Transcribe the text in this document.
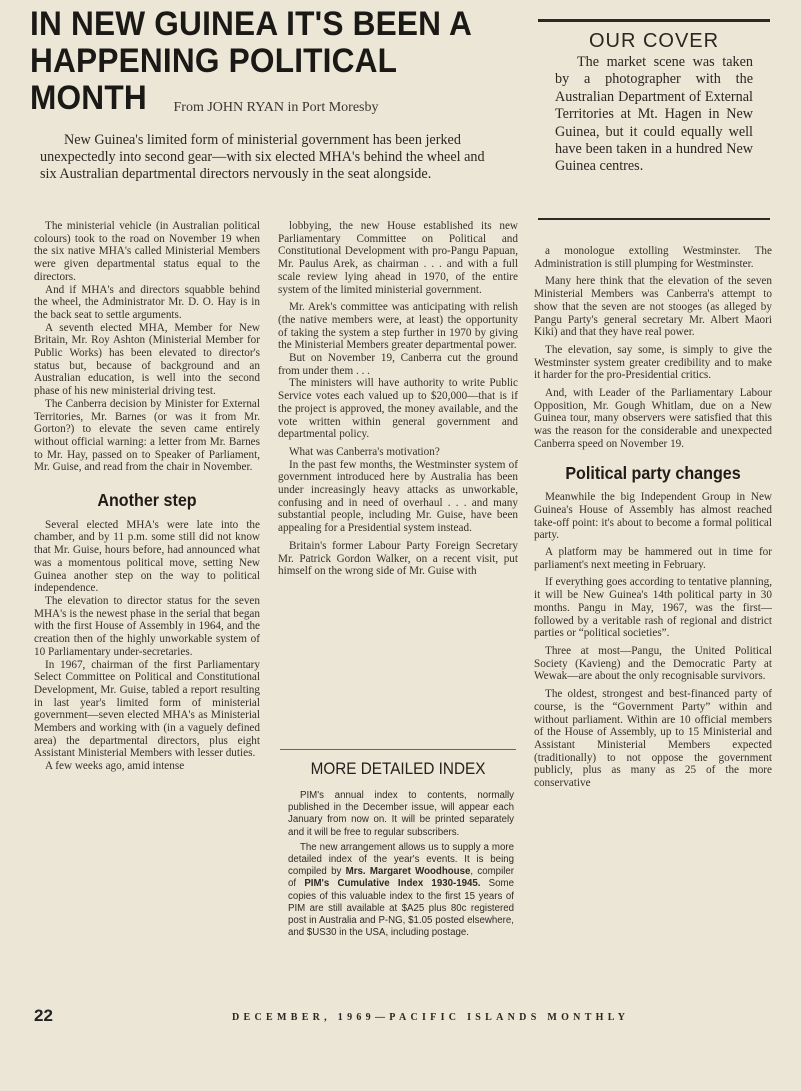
IN NEW GUINEA IT'S BEEN A HAPPENING POLITICAL MONTH	From JOHN RYAN in Port Moresby
New Guinea's limited form of ministerial government has been jerked unexpectedly into second gear—with six elected MHA's behind the wheel and six Australian departmental directors nervously in the seat alongside.

The ministerial vehicle (in Australian political colours) took to the road on November 19 when the six native MHA's called Ministerial Members were given departmental status equal to the directors.

And if MHA's and directors squabble behind the wheel, the Administrator Mr. D. O. Hay is in the back seat to settle arguments.

A seventh elected MHA, Member for New Britain, Mr. Roy Ashton (Ministerial Member for Public Works) has been elevated to director's status but, because of background and an Australian education, is well into the second phase of his new ministerial driving test.

The Canberra decision by Minister for External Territories, Mr. Barnes (or was it from Mr. Gorton?) to elevate the seven came entirely without official warning: a letter from Mr. Barnes to Mr. Hay, passed on to Speaker of Parliament, Mr. Guise, and read from the chair in November.

Another step

Several elected MHA's were late into the chamber, and by 11 p.m. some still did not know that Mr. Guise, hours before, had announced what was a momentous political move, setting New Guinea another step on the way to political independence.

The elevation to director status for the seven MHA's is the newest phase in the serial that began with the first House of Assembly in 1964, and the creation then of the highly unworkable system of 10 Parliamentary under-secretaries.

In 1967, chairman of the first Parliamentary Select Committee on Political and Constitutional Development, Mr. Guise, tabled a report resulting in last year's limited form of ministerial government—seven elected MHA's as Ministerial Members and working with (in a vaguely defined area) the departmental directors, plus eight Assistant Ministerial Members with lesser duties.

A few weeks ago, amid intense

lobbying, the new House established its new Parliamentary Committee on Political and Constitutional Development with pro-Pangu Papuan, Mr. Paulus Arek, as chairman . . . and with a full scale review lying ahead in 1970, of the entire system of the limited ministerial government.

Mr. Arek's committee was anticipating with relish (the native members were, at least) the opportunity of taking the system a step further in 1970 by giving the Ministerial Members greater departmental power.

But on November 19, Canberra cut the ground from under them . . .

The ministers will have authority to write Public Service votes each valued up to $20,000—that is if the project is approved, the money available, and the vote written within general government and departmental policy.

What was Canberra's motivation?

In the past few months, the Westminster system of government introduced here by Australia has been under increasingly heavy attacks as unworkable, confusing and in need of overhaul . . . and many substantial people, including Mr. Guise, have been appealing for a Presidential system instead.

Britain's former Labour Party Foreign Secretary Mr. Patrick Gordon Walker, on a recent visit, put himself on the wrong side of Mr. Guise with

OUR COVER
The market scene was taken by a photographer with the Australian Department of External Territories at Mt. Hagen in New Guinea, but it could equally well have been taken in a hundred New Guinea centres.

a monologue extolling Westminster. The Administration is still plumping for Westminster.

Many here think that the elevation of the seven Ministerial Members was Canberra's attempt to show that the seven are not stooges (as alleged by Pangu Party's general secretary Mr. Albert Maori Kiki) and that they have real power.

The elevation, say some, is simply to give the Westminster system greater credibility and to make it harder for the pro-Presidential critics.

And, with Leader of the Parliamentary Labour Opposition, Mr. Gough Whitlam, due on a New Guinea tour, many observers were satisfied that this was the reason for the considerable and unexpected Canberra speed on November 19.

Political party changes

Meanwhile the big Independent Group in New Guinea's House of Assembly has almost reached take-off point: it's about to become a formal political party.

A platform may be hammered out in time for parliament's next meeting in February.

If everything goes according to tentative planning, it will be New Guinea's 14th political party in 30 months. Pangu in May, 1967, was the first—followed by a veritable rash of regional and district parties or “political societies”.

Three at most—Pangu, the United Political Society (Kavieng) and the Democratic Party at Wewak—are about the only recognisable survivors.

The oldest, strongest and best-financed party of course, is the “Government Party” within and without parliament. Within are 10 official members of the House of Assembly, up to 15 Ministerial and Assistant Ministerial Members expected (traditionally) to not oppose the government publicly, plus as many as 25 of the more conservative

MORE DETAILED INDEX

PIM's annual index to contents, normally published in the December issue, will appear each January from now on. It will be printed separately and it will be free to regular subscribers.

The new arrangement allows us to supply a more detailed index of the year's events. It is being compiled by Mrs. Margaret Woodhouse, compiler of PIM's Cumulative Index 1930-1945. Some copies of this valuable index to the first 15 years of PIM are still available at $A25 plus 80c registered post in Australia and P-NG, $1.05 posted elsewhere, and $US30 in the USA, including postage.

22	DECEMBER, 1969—PACIFIC ISLANDS MONTHLY
